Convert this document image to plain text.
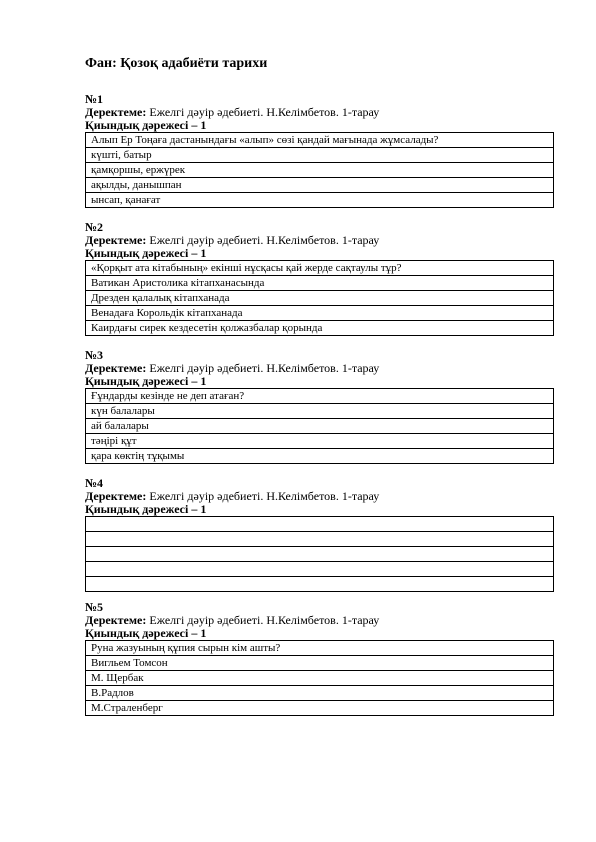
Фан: Қозоқ адабиёти тарихи
№1
Деректеме: Ежелгі дәуір әдебиеті. Н.Келімбетов. 1-тарау
Қиындық дәрежесі – 1
Алып Ер Тоңаға дастанындағы «алып» сөзі қандай мағынада жұмсалады?
күшті, батыр
қамқоршы, ержүрек
ақылды, данышпан
ынсап, қанағат
№2
Деректеме: Ежелгі дәуір әдебиеті. Н.Келімбетов. 1-тарау
Қиындық дәрежесі – 1
«Қорқыт ата кітабының» екінші нұсқасы қай жерде сақтаулы тұр?
Ватикан Аристолика кітапханасында
Дрезден қалалық кітапханада
Венадаға Корольдік кітапханада
Каирдағы сирек кездесетін қолжазбалар қорында
№3
Деректеме: Ежелгі дәуір әдебиеті. Н.Келімбетов. 1-тарау
Қиындық дәрежесі – 1
Ғұндарды кезінде не деп атаған?
күн балалары
ай балалары
тәңірі құт
қара көктің тұқымы
№4
Деректеме: Ежелгі дәуір әдебиеті. Н.Келімбетов. 1-тарау
Қиындық дәрежесі – 1
№5
Деректеме: Ежелгі дәуір әдебиеті. Н.Келімбетов. 1-тарау
Қиындық дәрежесі – 1
Руна жазуының құпия сырын кім ашты?
Вигльем Томсон
М. Щербак
В.Радлов
М.Страленберг
